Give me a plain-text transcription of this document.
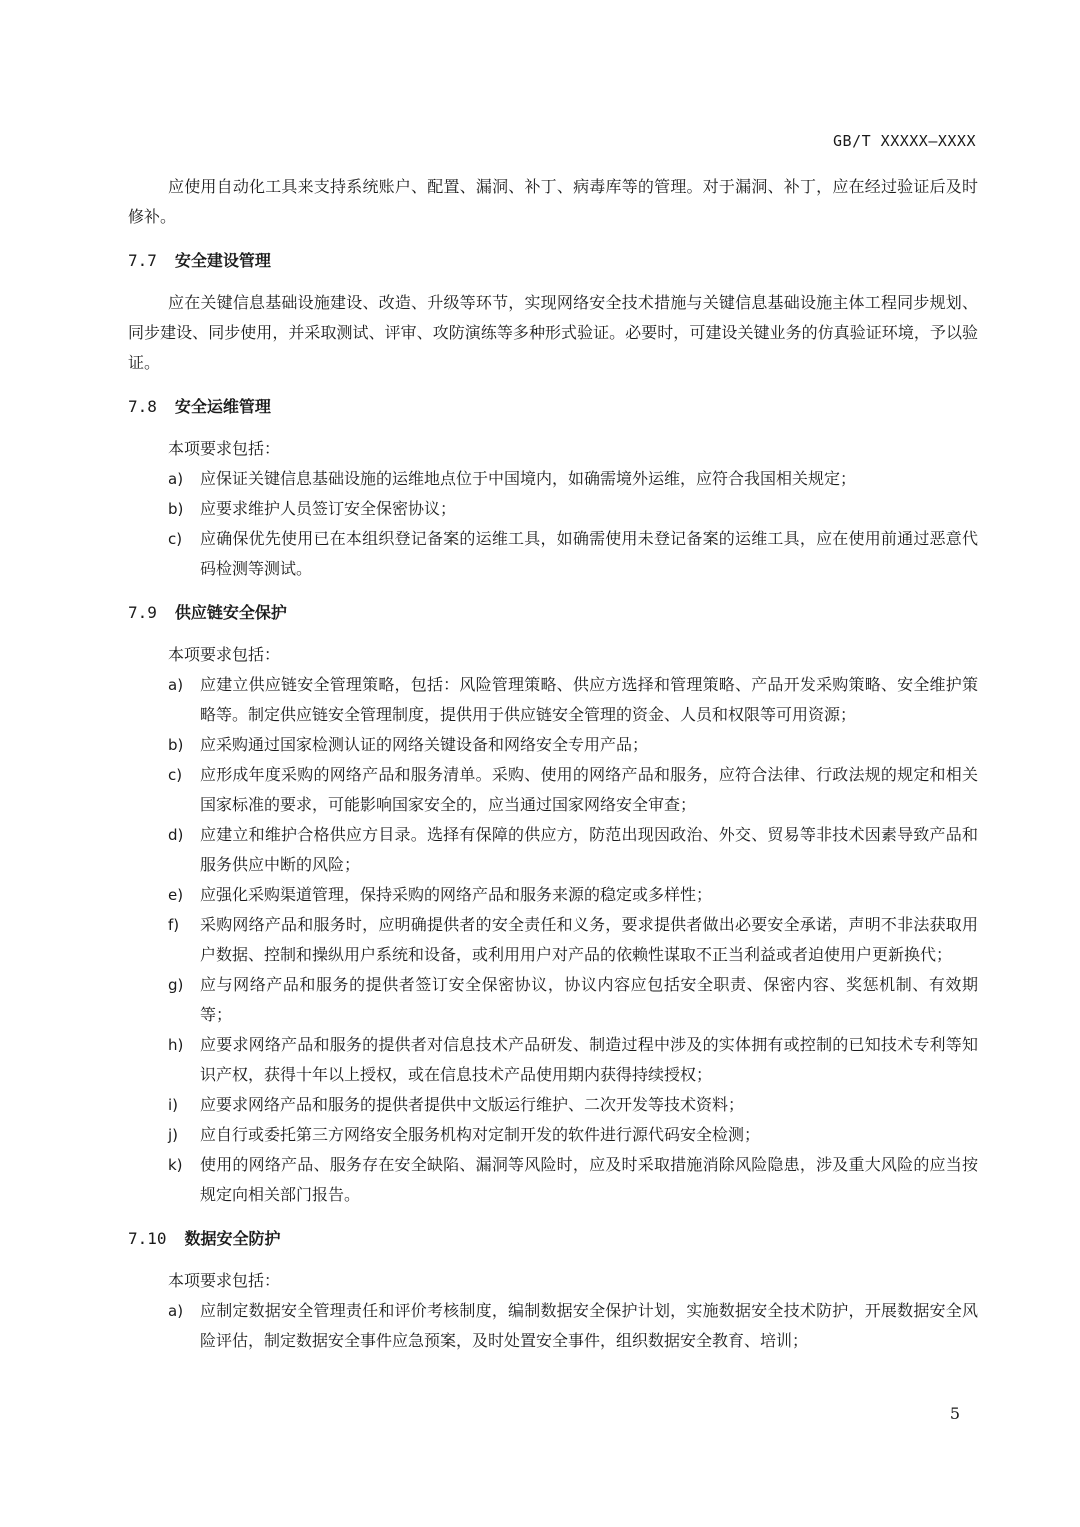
GB/T XXXXX—XXXX

应使用自动化工具来支持系统账户、配置、漏洞、补丁、病毒库等的管理。对于漏洞、补丁，应在经过验证后及时修补。

7.7 安全建设管理

应在关键信息基础设施建设、改造、升级等环节，实现网络安全技术措施与关键信息基础设施主体工程同步规划、同步建设、同步使用，并采取测试、评审、攻防演练等多种形式验证。必要时，可建设关键业务的仿真验证环境，予以验证。

7.8 安全运维管理

本项要求包括：

a) 应保证关键信息基础设施的运维地点位于中国境内，如确需境外运维，应符合我国相关规定；
b) 应要求维护人员签订安全保密协议；
c) 应确保优先使用已在本组织登记备案的运维工具，如确需使用未登记备案的运维工具，应在使用前通过恶意代码检测等测试。
7.9 供应链安全保护

本项要求包括：

a) 应建立供应链安全管理策略，包括：风险管理策略、供应方选择和管理策略、产品开发采购策略、安全维护策略等。制定供应链安全管理制度，提供用于供应链安全管理的资金、人员和权限等可用资源；
b) 应采购通过国家检测认证的网络关键设备和网络安全专用产品；
c) 应形成年度采购的网络产品和服务清单。采购、使用的网络产品和服务，应符合法律、行政法规的规定和相关国家标准的要求，可能影响国家安全的，应当通过国家网络安全审查；
d) 应建立和维护合格供应方目录。选择有保障的供应方，防范出现因政治、外交、贸易等非技术因素导致产品和服务供应中断的风险；
e) 应强化采购渠道管理，保持采购的网络产品和服务来源的稳定或多样性；
f) 采购网络产品和服务时，应明确提供者的安全责任和义务，要求提供者做出必要安全承诺，声明不非法获取用户数据、控制和操纵用户系统和设备，或利用用户对产品的依赖性谋取不正当利益或者迫使用户更新换代；
g) 应与网络产品和服务的提供者签订安全保密协议，协议内容应包括安全职责、保密内容、奖惩机制、有效期等；
h) 应要求网络产品和服务的提供者对信息技术产品研发、制造过程中涉及的实体拥有或控制的已知技术专利等知识产权，获得十年以上授权，或在信息技术产品使用期内获得持续授权；
i) 应要求网络产品和服务的提供者提供中文版运行维护、二次开发等技术资料；
j) 应自行或委托第三方网络安全服务机构对定制开发的软件进行源代码安全检测；
k) 使用的网络产品、服务存在安全缺陷、漏洞等风险时，应及时采取措施消除风险隐患，涉及重大风险的应当按规定向相关部门报告。
7.10 数据安全防护

本项要求包括：

a) 应制定数据安全管理责任和评价考核制度，编制数据安全保护计划，实施数据安全技术防护，开展数据安全风险评估，制定数据安全事件应急预案，及时处置安全事件，组织数据安全教育、培训；
5
